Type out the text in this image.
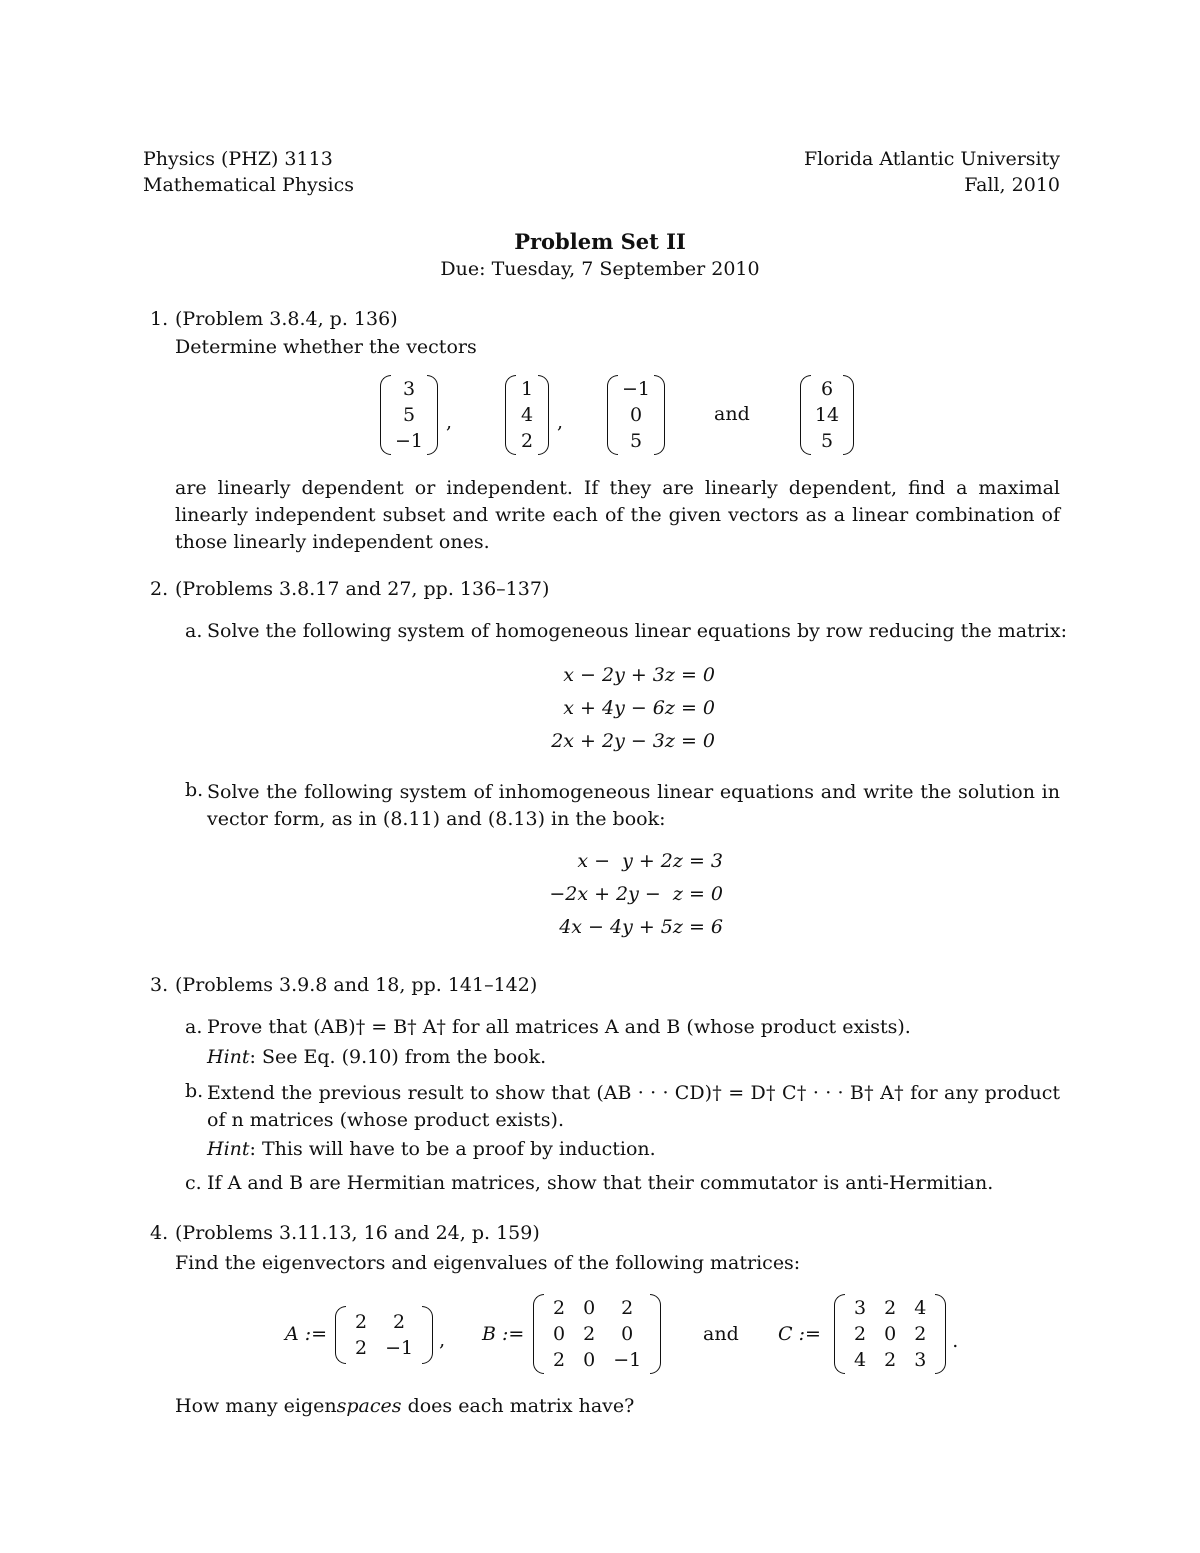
Physics (PHZ) 3113	Florida Atlantic University
Mathematical Physics	Fall, 2010
Problem Set II
Due: Tuesday, 7 September 2010
1. (Problem 3.8.4, p. 136)
Determine whether the vectors
3
5
−1
,
1
4
2
,
−1
0
5
and
6
14
5
are linearly dependent or independent. If they are linearly dependent, find a maximal linearly independent subset and write each of the given vectors as a linear combination of those linearly independent ones.
2. (Problems 3.8.17 and 27, pp. 136–137)
a. Solve the following system of homogeneous linear equations by row reducing the matrix:
x − 2y + 3z = 0
x + 4y − 6z = 0
2x + 2y − 3z = 0
b. Solve the following system of inhomogeneous linear equations and write the solution in vector form, as in (8.11) and (8.13) in the book:
x −  y + 2z = 3
−2x + 2y −  z = 0
4x − 4y + 5z = 6
3. (Problems 3.9.8 and 18, pp. 141–142)
a. Prove that (AB)† = B† A† for all matrices A and B (whose product exists).
Hint: See Eq. (9.10) from the book.
b. Extend the previous result to show that (AB · · · CD)† = D† C† · · · B† A† for any product of n matrices (whose product exists).
Hint: This will have to be a proof by induction.
c. If A and B are Hermitian matrices, show that their commutator is anti-Hermitian.
4. (Problems 3.11.13, 16 and 24, p. 159)
Find the eigenvectors and eigenvalues of the following matrices:
A :=
2	2
2	−1 , B :=
2	0	2
0	2	0
2	0	−1
and C :=
3	2	4
2	0	2
4	2	3
.
How many eigenspaces does each matrix have?
